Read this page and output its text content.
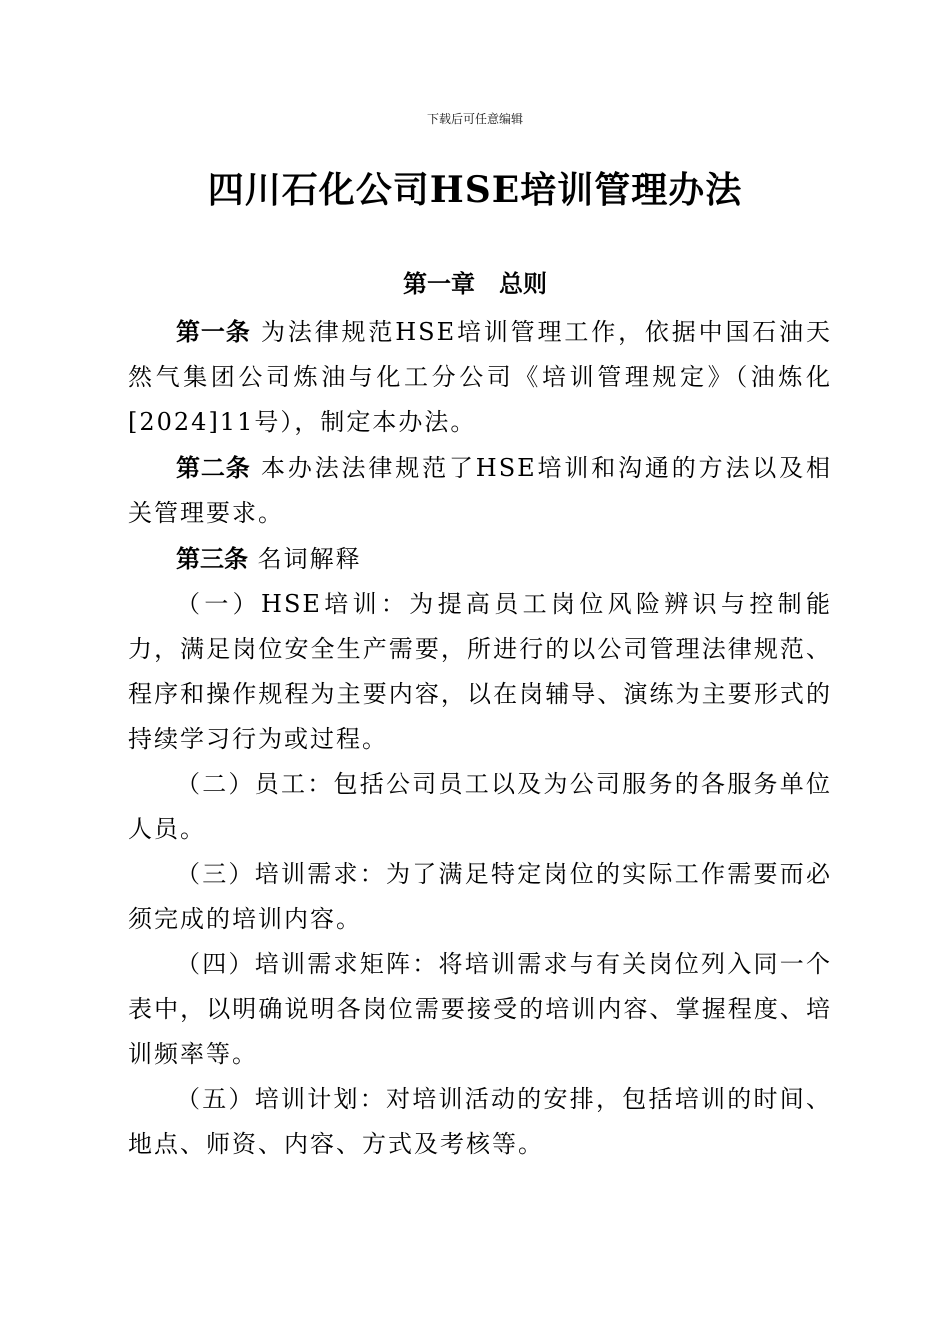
下载后可任意编辑
四川石化公司HSE培训管理办法
第一章　总则

第一条 为法律规范HSE培训管理工作，依据中国石油天然气集团公司炼油与化工分公司《培训管理规定》（油炼化[2024]11号），制定本办法。

第二条 本办法法律规范了HSE培训和沟通的方法以及相关管理要求。

第三条 名词解释

（一）HSE培训：为提高员工岗位风险辨识与控制能力，满足岗位安全生产需要，所进行的以公司管理法律规范、程序和操作规程为主要内容，以在岗辅导、演练为主要形式的持续学习行为或过程。

（二）员工：包括公司员工以及为公司服务的各服务单位人员。

（三）培训需求：为了满足特定岗位的实际工作需要而必须完成的培训内容。

（四）培训需求矩阵：将培训需求与有关岗位列入同一个表中，以明确说明各岗位需要接受的培训内容、掌握程度、培训频率等。

（五）培训计划：对培训活动的安排，包括培训的时间、地点、师资、内容、方式及考核等。
